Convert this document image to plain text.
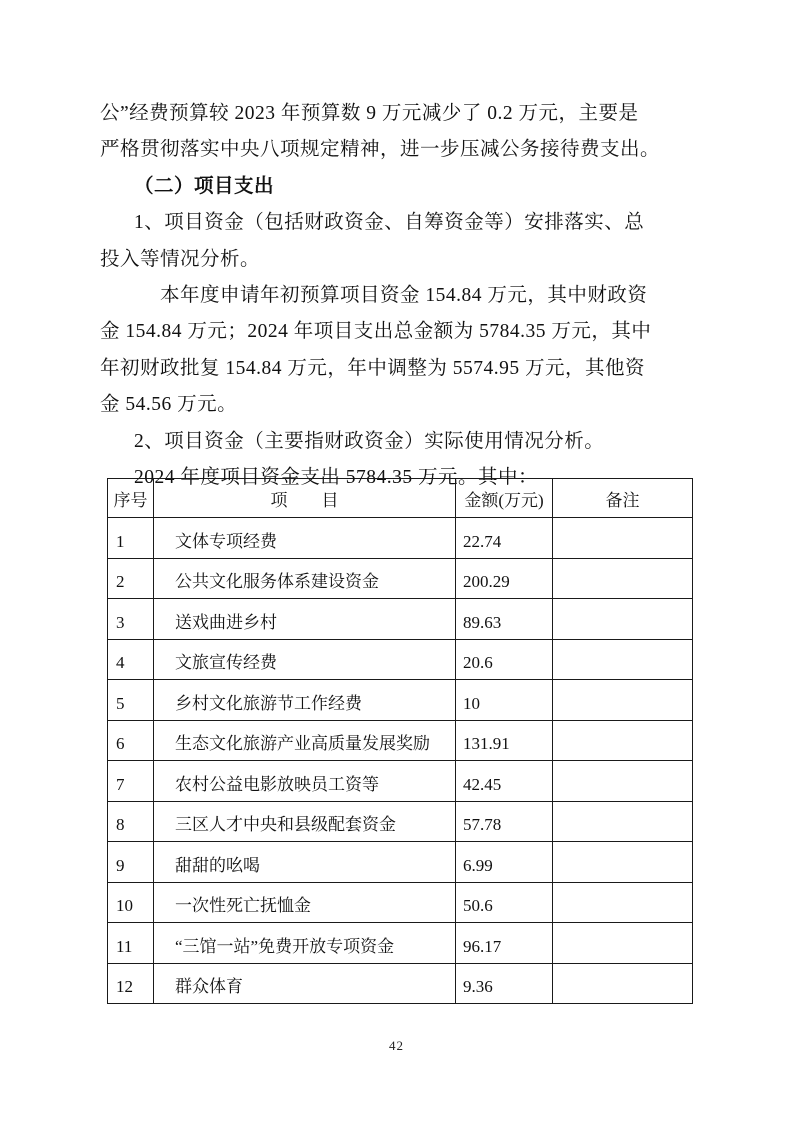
公”经费预算较 2023 年预算数 9 万元减少了 0.2 万元，主要是
严格贯彻落实中央八项规定精神，进一步压减公务接待费支出。
（二）项目支出
1、项目资金（包括财政资金、自筹资金等）安排落实、总
投入等情况分析。
本年度申请年初预算项目资金 154.84 万元，其中财政资
金 154.84 万元；2024 年项目支出总金额为 5784.35 万元，其中
年初财政批复 154.84 万元，年中调整为 5574.95 万元，其他资
金 54.56 万元。
2、项目资金（主要指财政资金）实际使用情况分析。
2024 年度项目资金支出 5784.35 万元。其中：
序号	项　　目	金额(万元)	备注
1	文体专项经费	22.74	
2	公共文化服务体系建设资金	200.29	
3	送戏曲进乡村	89.63	
4	文旅宣传经费	20.6	
5	乡村文化旅游节工作经费	10	
6	生态文化旅游产业高质量发展奖励	131.91	
7	农村公益电影放映员工资等	42.45	
8	三区人才中央和县级配套资金	57.78	
9	甜甜的吆喝	6.99	
10	一次性死亡抚恤金	50.6	
11	“三馆一站”免费开放专项资金	96.17	
12	群众体育	9.36	
42
